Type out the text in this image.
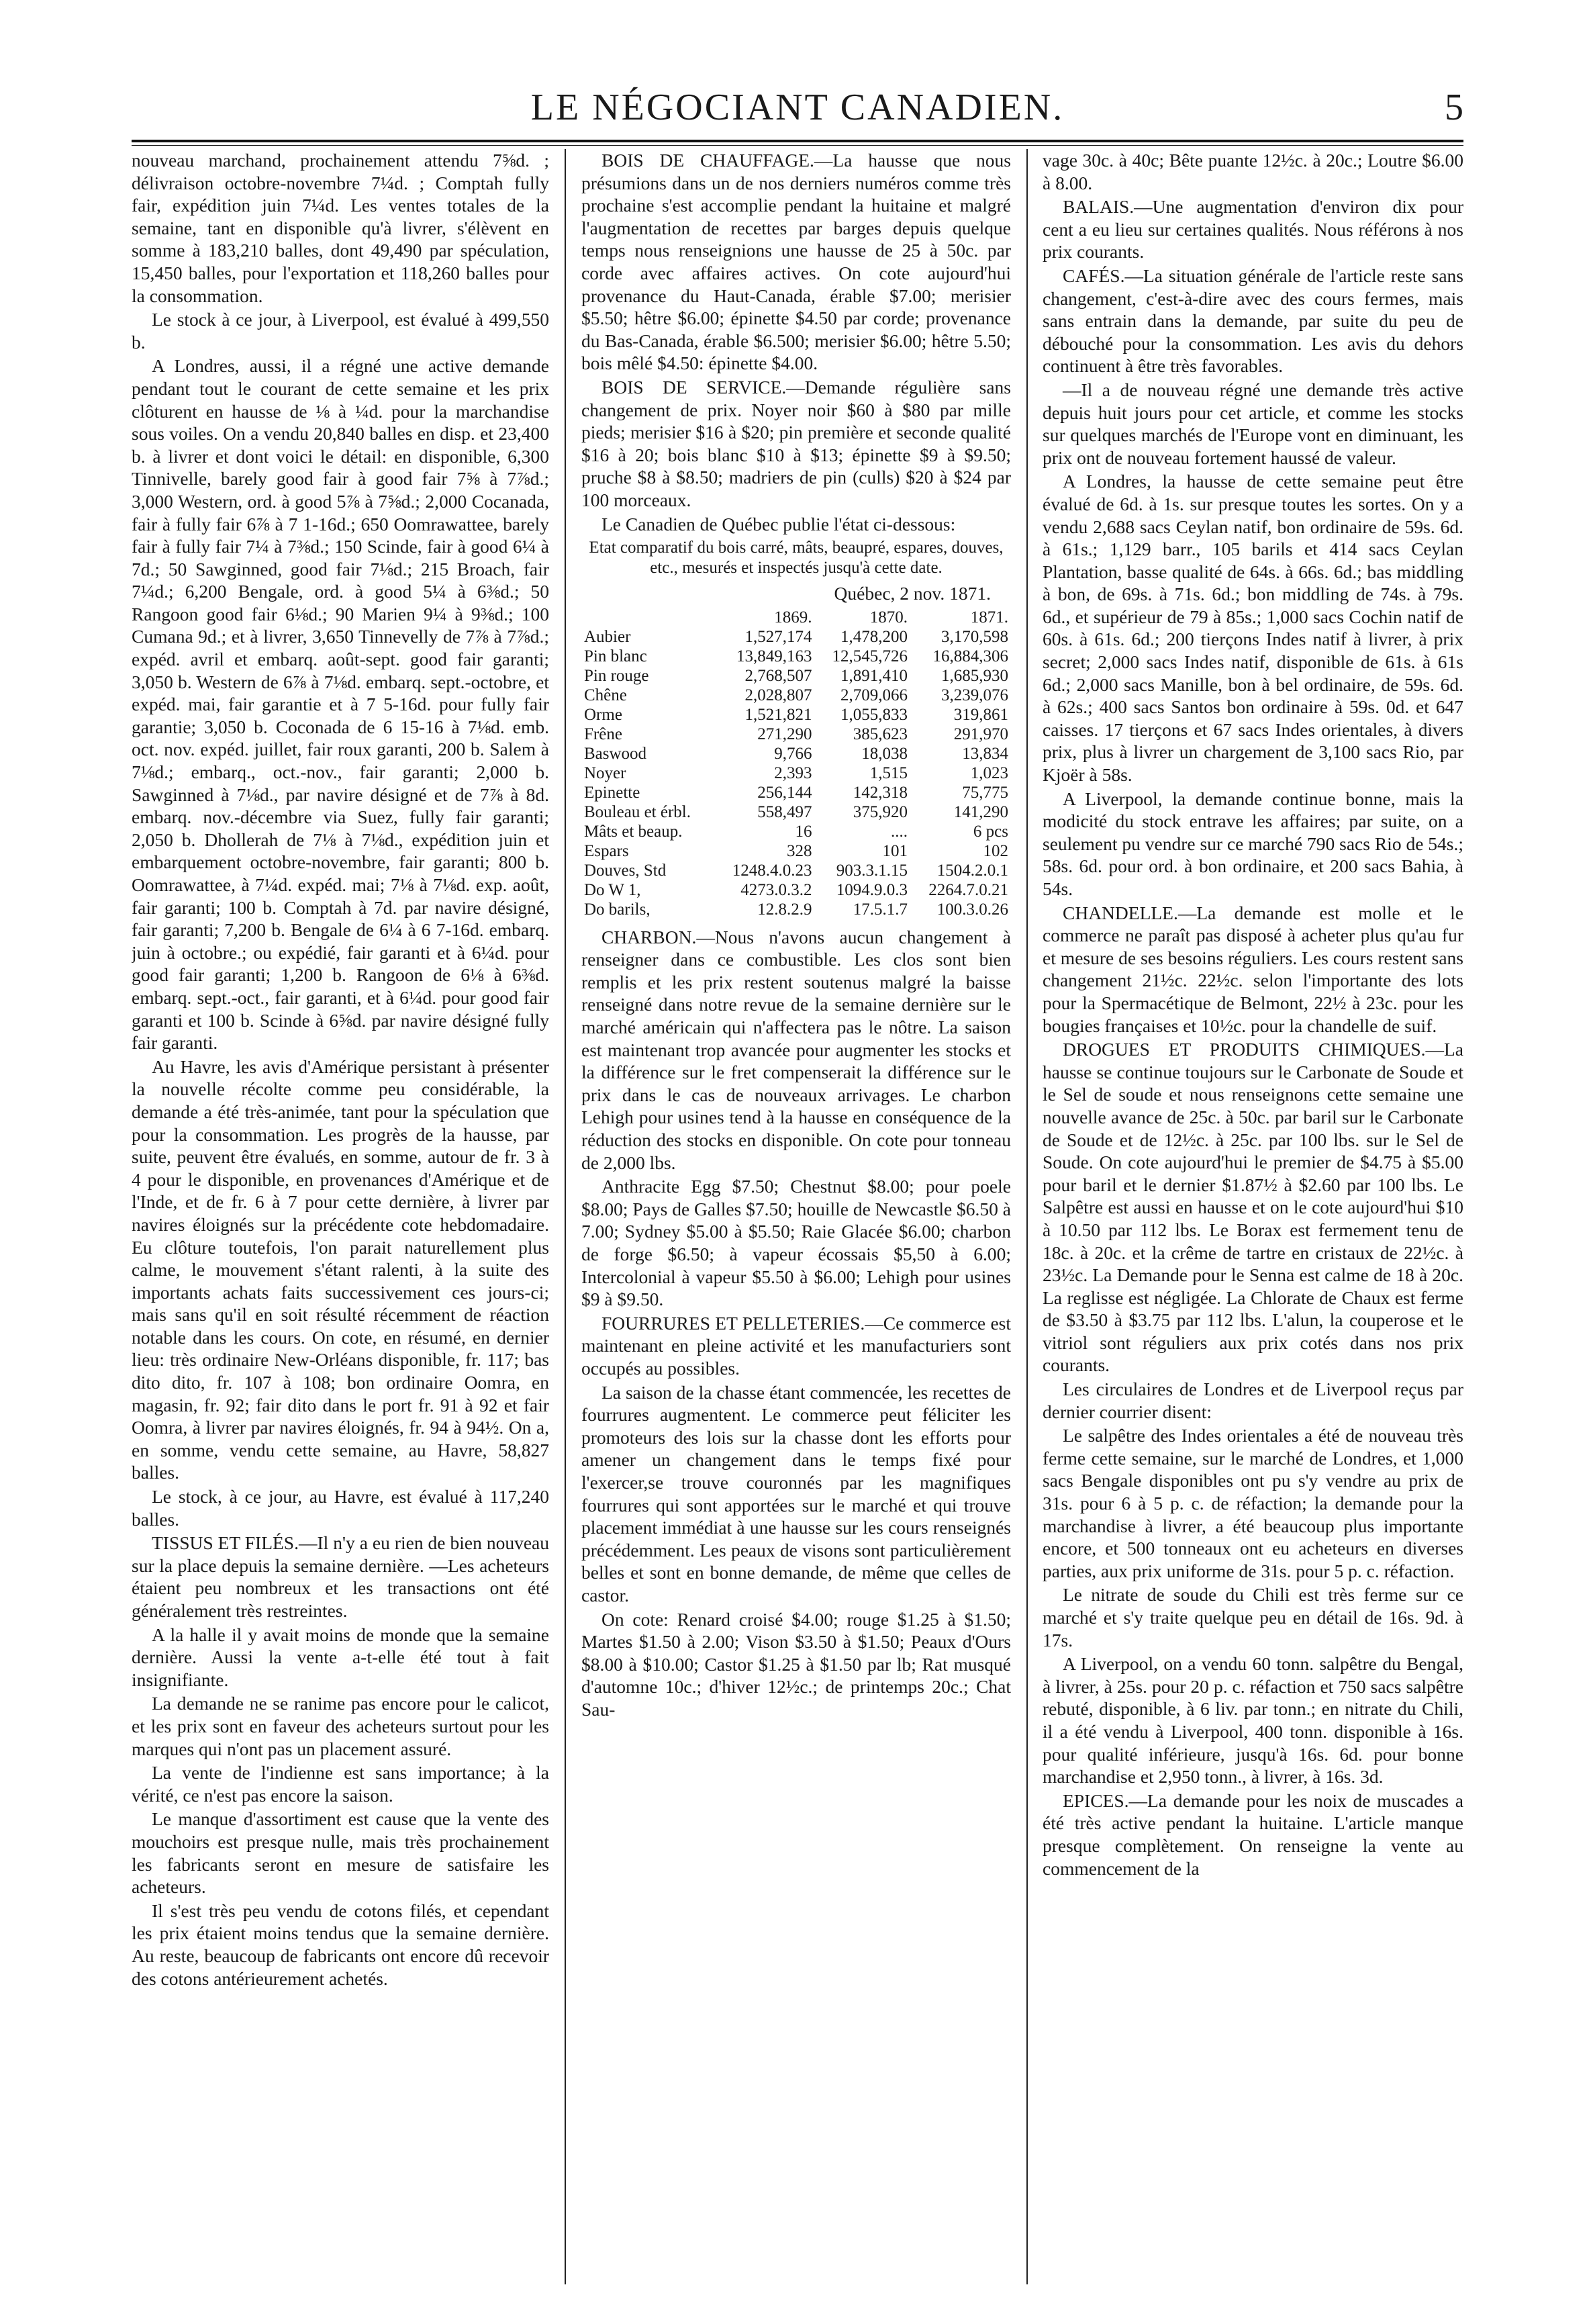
LE NÉGOCIANT CANADIEN.	5

nouveau marchand, prochainement attendu 7⅝d. ; délivraison octobre-novembre 7¼d. ; Comptah fully fair, expédition juin 7¼d. Les ventes totales de la semaine, tant en disponible qu'à livrer, s'élèvent en somme à 183,210 balles, dont 49,490 par spéculation, 15,450 balles, pour l'exportation et 118,260 balles pour la consommation.

Le stock à ce jour, à Liverpool, est évalué à 499,550 b.

A Londres, aussi, il a régné une active demande pendant tout le courant de cette semaine et les prix clôturent en hausse de ⅛ à ¼d. pour la marchandise sous voiles. On a vendu 20,840 balles en disp. et 23,400 b. à livrer et dont voici le détail: en disponible, 6,300 Tinnivelle, barely good fair à good fair 7⅝ à 7⅞d.; 3,000 Western, ord. à good 5⅞ à 7⅝d.; 2,000 Cocanada, fair à fully fair 6⅞ à 7 1-16d.; 650 Oomrawattee, barely fair à fully fair 7¼ à 7⅜d.; 150 Scinde, fair à good 6¼ à 7d.; 50 Sawginned, good fair 7⅛d.; 215 Broach, fair 7¼d.; 6,200 Bengale, ord. à good 5¼ à 6⅜d.; 50 Rangoon good fair 6⅛d.; 90 Marien 9¼ à 9⅜d.; 100 Cumana 9d.; et à livrer, 3,650 Tinnevelly de 7⅞ à 7⅞d.; expéd. avril et embarq. août-sept. good fair garanti; 3,050 b. Western de 6⅞ à 7⅛d. embarq. sept.-octobre, et expéd. mai, fair garantie et à 7 5-16d. pour fully fair garantie; 3,050 b. Coconada de 6 15-16 à 7⅛d. emb. oct. nov. expéd. juillet, fair roux garanti, 200 b. Salem à 7⅛d.; embarq., oct.-nov., fair garanti; 2,000 b. Sawginned à 7⅛d., par navire désigné et de 7⅞ à 8d. embarq. nov.-décembre via Suez, fully fair garanti; 2,050 b. Dhollerah de 7⅛ à 7⅛d., expédition juin et embarquement octobre-novembre, fair garanti; 800 b. Oomrawattee, à 7¼d. expéd. mai; 7⅛ à 7⅛d. exp. août, fair garanti; 100 b. Comptah à 7d. par navire désigné, fair garanti; 7,200 b. Bengale de 6¼ à 6 7-16d. embarq. juin à octobre.; ou expédié, fair garanti et à 6¼d. pour good fair garanti; 1,200 b. Rangoon de 6⅛ à 6⅜d. embarq. sept.-oct., fair garanti, et à 6¼d. pour good fair garanti et 100 b. Scinde à 6⅝d. par navire désigné fully fair garanti.

Au Havre, les avis d'Amérique persistant à présenter la nouvelle récolte comme peu considérable, la demande a été très-animée, tant pour la spéculation que pour la consommation. Les progrès de la hausse, par suite, peuvent être évalués, en somme, autour de fr. 3 à 4 pour le disponible, en provenances d'Amérique et de l'Inde, et de fr. 6 à 7 pour cette dernière, à livrer par navires éloignés sur la précédente cote hebdomadaire. Eu clôture toutefois, l'on parait naturellement plus calme, le mouvement s'étant ralenti, à la suite des importants achats faits successivement ces jours-ci; mais sans qu'il en soit résulté récemment de réaction notable dans les cours. On cote, en résumé, en dernier lieu: très ordinaire New-Orléans disponible, fr. 117; bas dito dito, fr. 107 à 108; bon ordinaire Oomra, en magasin, fr. 92; fair dito dans le port fr. 91 à 92 et fair Oomra, à livrer par navires éloignés, fr. 94 à 94½. On a, en somme, vendu cette semaine, au Havre, 58,827 balles.

Le stock, à ce jour, au Havre, est évalué à 117,240 balles.

TISSUS ET FILÉS.—Il n'y a eu rien de bien nouveau sur la place depuis la semaine dernière. —Les acheteurs étaient peu nombreux et les transactions ont été généralement très restreintes.

A la halle il y avait moins de monde que la semaine dernière. Aussi la vente a-t-elle été tout à fait insignifiante.

La demande ne se ranime pas encore pour le calicot, et les prix sont en faveur des acheteurs surtout pour les marques qui n'ont pas un placement assuré.

La vente de l'indienne est sans importance; à la vérité, ce n'est pas encore la saison.

Le manque d'assortiment est cause que la vente des mouchoirs est presque nulle, mais très prochainement les fabricants seront en mesure de satisfaire les acheteurs.

Il s'est très peu vendu de cotons filés, et cependant les prix étaient moins tendus que la semaine dernière. Au reste, beaucoup de fabricants ont encore dû recevoir des cotons antérieurement achetés.

BOIS DE CHAUFFAGE.—La hausse que nous présumions dans un de nos derniers numéros comme très prochaine s'est accomplie pendant la huitaine et malgré l'augmentation de recettes par barges depuis quelque temps nous renseignions une hausse de 25 à 50c. par corde avec affaires actives. On cote aujourd'hui provenance du Haut-Canada, érable $7.00; merisier $5.50; hêtre $6.00; épinette $4.50 par corde; provenance du Bas-Canada, érable $6.500; merisier $6.00; hêtre 5.50; bois mêlé $4.50: épinette $4.00.

BOIS DE SERVICE.—Demande régulière sans changement de prix. Noyer noir $60 à $80 par mille pieds; merisier $16 à $20; pin première et seconde qualité $16 à 20; bois blanc $10 à $13; épinette $9 à $9.50; pruche $8 à $8.50; madriers de pin (culls) $20 à $24 par 100 morceaux.

Le Canadien de Québec publie l'état ci-dessous:

Etat comparatif du bois carré, mâts, beaupré, espares, douves, etc., mesurés et inspectés jusqu'à cette date.

Québec, 2 nov. 1871.

	1869.	1870.	1871.
Aubier	1,527,174	1,478,200	3,170,598
Pin blanc	13,849,163	12,545,726	16,884,306
Pin rouge	2,768,507	1,891,410	1,685,930
Chêne	2,028,807	2,709,066	3,239,076
Orme	1,521,821	1,055,833	319,861
Frêne	271,290	385,623	291,970
Baswood	9,766	18,038	13,834
Noyer	2,393	1,515	1,023
Epinette	256,144	142,318	75,775
Bouleau et érbl.	558,497	375,920	141,290
Mâts et beaup.	16	....	6 pcs
Espars	328	101	102
Douves, Std	1248.4.0.23	903.3.1.15	1504.2.0.1
Do W 1,	4273.0.3.2	1094.9.0.3	2264.7.0.21
Do barils,	12.8.2.9	17.5.1.7	100.3.0.26

CHARBON.—Nous n'avons aucun changement à renseigner dans ce combustible. Les clos sont bien remplis et les prix restent soutenus malgré la baisse renseigné dans notre revue de la semaine dernière sur le marché américain qui n'affectera pas le nôtre. La saison est maintenant trop avancée pour augmenter les stocks et la différence sur le fret compenserait la différence sur le prix dans le cas de nouveaux arrivages. Le charbon Lehigh pour usines tend à la hausse en conséquence de la réduction des stocks en disponible. On cote pour tonneau de 2,000 lbs.

Anthracite Egg $7.50; Chestnut $8.00; pour poele $8.00; Pays de Galles $7.50; houille de Newcastle $6.50 à 7.00; Sydney $5.00 à $5.50; Raie Glacée $6.00; charbon de forge $6.50; à vapeur écossais $5,50 à 6.00; Intercolonial à vapeur $5.50 à $6.00; Lehigh pour usines $9 à $9.50.

FOURRURES ET PELLETERIES.—Ce commerce est maintenant en pleine activité et les manufacturiers sont occupés au possibles.

La saison de la chasse étant commencée, les recettes de fourrures augmentent. Le commerce peut féliciter les promoteurs des lois sur la chasse dont les efforts pour amener un changement dans le temps fixé pour l'exercer,se trouve couronnés par les magnifiques fourrures qui sont apportées sur le marché et qui trouve placement immédiat à une hausse sur les cours renseignés précédemment. Les peaux de visons sont particulièrement belles et sont en bonne demande, de même que celles de castor.

On cote: Renard croisé $4.00; rouge $1.25 à $1.50; Martes $1.50 à 2.00; Vison $3.50 à $1.50; Peaux d'Ours $8.00 à $10.00; Castor $1.25 à $1.50 par lb; Rat musqué d'automne 10c.; d'hiver 12½c.; de printemps 20c.; Chat Sau-

vage 30c. à 40c; Bête puante 12½c. à 20c.; Loutre $6.00 à 8.00.

BALAIS.—Une augmentation d'environ dix pour cent a eu lieu sur certaines qualités. Nous référons à nos prix courants.

CAFÉS.—La situation générale de l'article reste sans changement, c'est-à-dire avec des cours fermes, mais sans entrain dans la demande, par suite du peu de débouché pour la consommation. Les avis du dehors continuent à être très favorables.

—Il a de nouveau régné une demande très active depuis huit jours pour cet article, et comme les stocks sur quelques marchés de l'Europe vont en diminuant, les prix ont de nouveau fortement haussé de valeur.

A Londres, la hausse de cette semaine peut être évalué de 6d. à 1s. sur presque toutes les sortes. On y a vendu 2,688 sacs Ceylan natif, bon ordinaire de 59s. 6d. à 61s.; 1,129 barr., 105 barils et 414 sacs Ceylan Plantation, basse qualité de 64s. à 66s. 6d.; bas middling à bon, de 69s. à 71s. 6d.; bon middling de 74s. à 79s. 6d., et supérieur de 79 à 85s.; 1,000 sacs Cochin natif de 60s. à 61s. 6d.; 200 tierçons Indes natif à livrer, à prix secret; 2,000 sacs Indes natif, disponible de 61s. à 61s 6d.; 2,000 sacs Manille, bon à bel ordinaire, de 59s. 6d. à 62s.; 400 sacs Santos bon ordinaire à 59s. 0d. et 647 caisses. 17 tierçons et 67 sacs Indes orientales, à divers prix, plus à livrer un chargement de 3,100 sacs Rio, par Kjoër à 58s.

A Liverpool, la demande continue bonne, mais la modicité du stock entrave les affaires; par suite, on a seulement pu vendre sur ce marché 790 sacs Rio de 54s.; 58s. 6d. pour ord. à bon ordinaire, et 200 sacs Bahia, à 54s.

CHANDELLE.—La demande est molle et le commerce ne paraît pas disposé à acheter plus qu'au fur et mesure de ses besoins réguliers. Les cours restent sans changement 21½c. 22½c. selon l'importante des lots pour la Spermacétique de Belmont, 22½ à 23c. pour les bougies françaises et 10½c. pour la chandelle de suif.

DROGUES ET PRODUITS CHIMIQUES.—La hausse se continue toujours sur le Carbonate de Soude et le Sel de soude et nous renseignons cette semaine une nouvelle avance de 25c. à 50c. par baril sur le Carbonate de Soude et de 12½c. à 25c. par 100 lbs. sur le Sel de Soude. On cote aujourd'hui le premier de $4.75 à $5.00 pour baril et le dernier $1.87½ à $2.60 par 100 lbs. Le Salpêtre est aussi en hausse et on le cote aujourd'hui $10 à 10.50 par 112 lbs. Le Borax est fermement tenu de 18c. à 20c. et la crême de tartre en cristaux de 22½c. à 23½c. La Demande pour le Senna est calme de 18 à 20c. La reglisse est négligée. La Chlorate de Chaux est ferme de $3.50 à $3.75 par 112 lbs. L'alun, la couperose et le vitriol sont réguliers aux prix cotés dans nos prix courants.

Les circulaires de Londres et de Liverpool reçus par dernier courrier disent:

Le salpêtre des Indes orientales a été de nouveau très ferme cette semaine, sur le marché de Londres, et 1,000 sacs Bengale disponibles ont pu s'y vendre au prix de 31s. pour 6 à 5 p. c. de réfaction; la demande pour la marchandise à livrer, a été beaucoup plus importante encore, et 500 tonneaux ont eu acheteurs en diverses parties, aux prix uniforme de 31s. pour 5 p. c. réfaction.

Le nitrate de soude du Chili est très ferme sur ce marché et s'y traite quelque peu en détail de 16s. 9d. à 17s.

A Liverpool, on a vendu 60 tonn. salpêtre du Bengal, à livrer, à 25s. pour 20 p. c. réfaction et 750 sacs salpêtre rebuté, disponible, à 6 liv. par tonn.; en nitrate du Chili, il a été vendu à Liverpool, 400 tonn. disponible à 16s. pour qualité inférieure, jusqu'à 16s. 6d. pour bonne marchandise et 2,950 tonn., à livrer, à 16s. 3d.

EPICES.—La demande pour les noix de muscades a été très active pendant la huitaine. L'article manque presque complètement. On renseigne la vente au commencement de la
